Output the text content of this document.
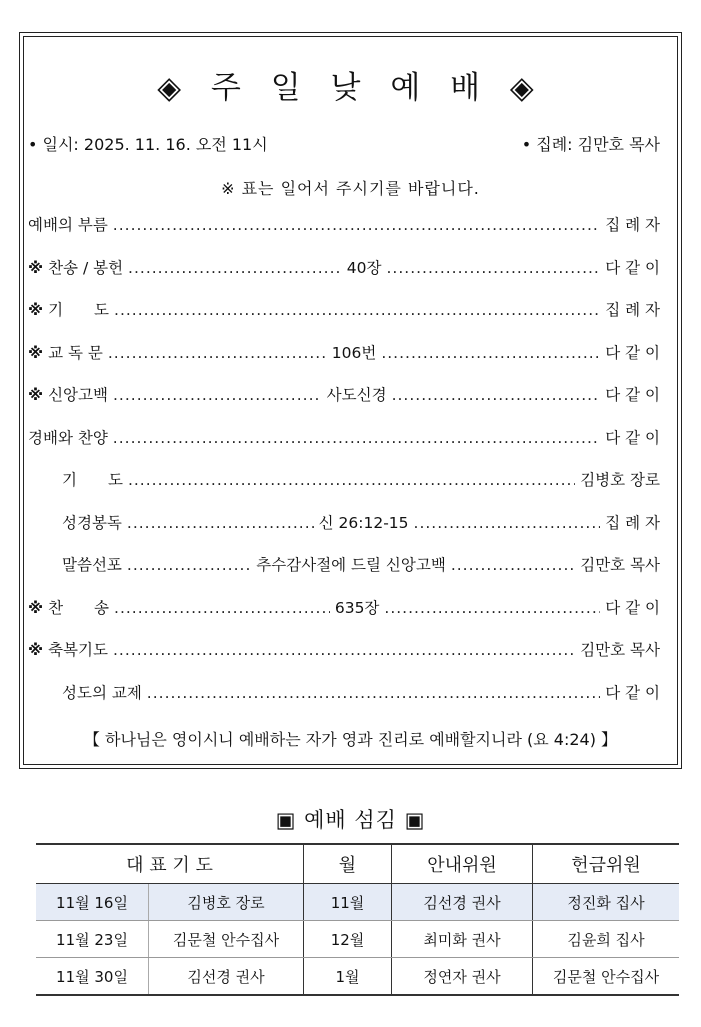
◈ 주 일 낮 예 배 ◈
• 일시: 2025. 11. 16. 오전 11시	• 집례: 김만호 목사
※ 표는 일어서 주시기를 바랍니다.
예배의 부름 .....	집 례 자
※ 찬송 / 봉헌 .....	40장 .....	다 같 이
※ 기　　도 .....	집 례 자
※ 교 독 문 .....	106번 .....	다 같 이
※ 신앙고백 .....	사도신경 .....	다 같 이
경배와 찬양 .....	다 같 이
기　　도 .....	김병호 장로
성경봉독 .....	신 26:12-15 .....	집 례 자
말씀선포 .....	추수감사절에 드릴 신앙고백 .....	김만호 목사
※ 찬　　송 .....	635장 .....	다 같 이
※ 축복기도 .....	김만호 목사
성도의 교제 .....	다 같 이
【 하나님은 영이시니 예배하는 자가 영과 진리로 예배할지니라 (요 4:24) 】
▣ 예배 섬김 ▣
대 표 기 도		월	안내위원	헌금위원
11월 16일	김병호 장로	11월	김선경 권사	정진화 집사
11월 23일	김문철 안수집사	12월	최미화 권사	김윤희 집사
11월 30일	김선경 권사	1월	정연자 권사	김문철 안수집사
